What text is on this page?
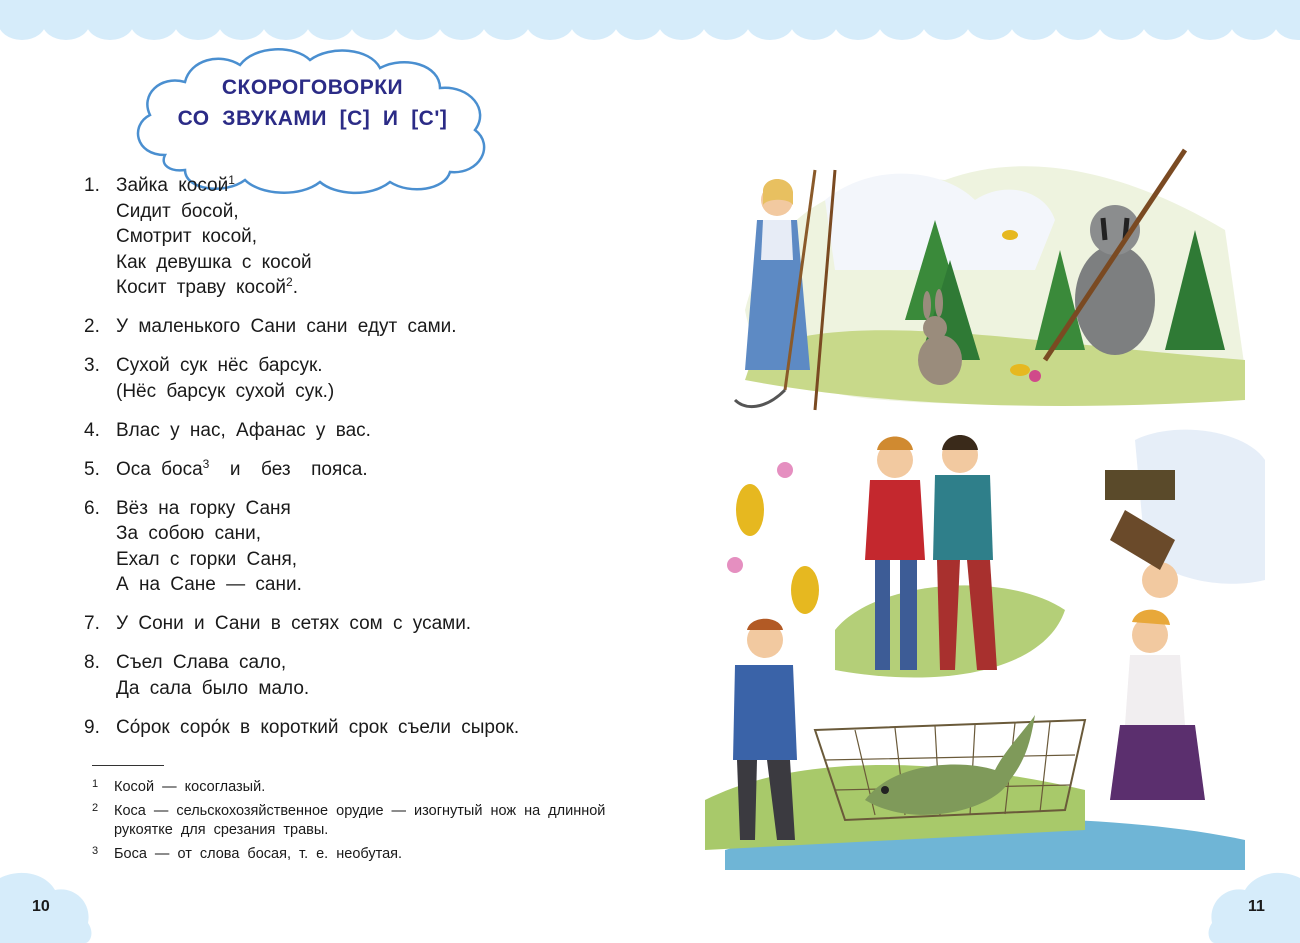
СКОРОГОВОРКИ
СО  ЗВУКАМИ  [С]  И  [С']
1. Зайка косой$^1$
Сидит босой,
Смотрит косой,
Как девушка с косой
Косит траву косой$^2$.
2. У маленького Сани сани едут сами.
3. Сухой сук нёс барсук.
(Нёс барсук сухой сук.)
4. Влас у нас, Афанас у вас.
5. Оса боса$^3$  и  без  пояса.
6. Вёз на горку Саня
За собою сани,
Ехал с горки Саня,
А на Сане — сани.
7. У Сони и Сани в сетях сом с усами.
8. Съел Слава сало,
Да сала было мало.
9. Со́рок соро́к в короткий срок съели сырок.
1 Косой — косоглазый.
2 Коса — сельскохозяйственное орудие — изогнутый нож на длинной рукоятке для срезания травы.
3 Боса — от слова босая, т. е. необутая.
10	11
